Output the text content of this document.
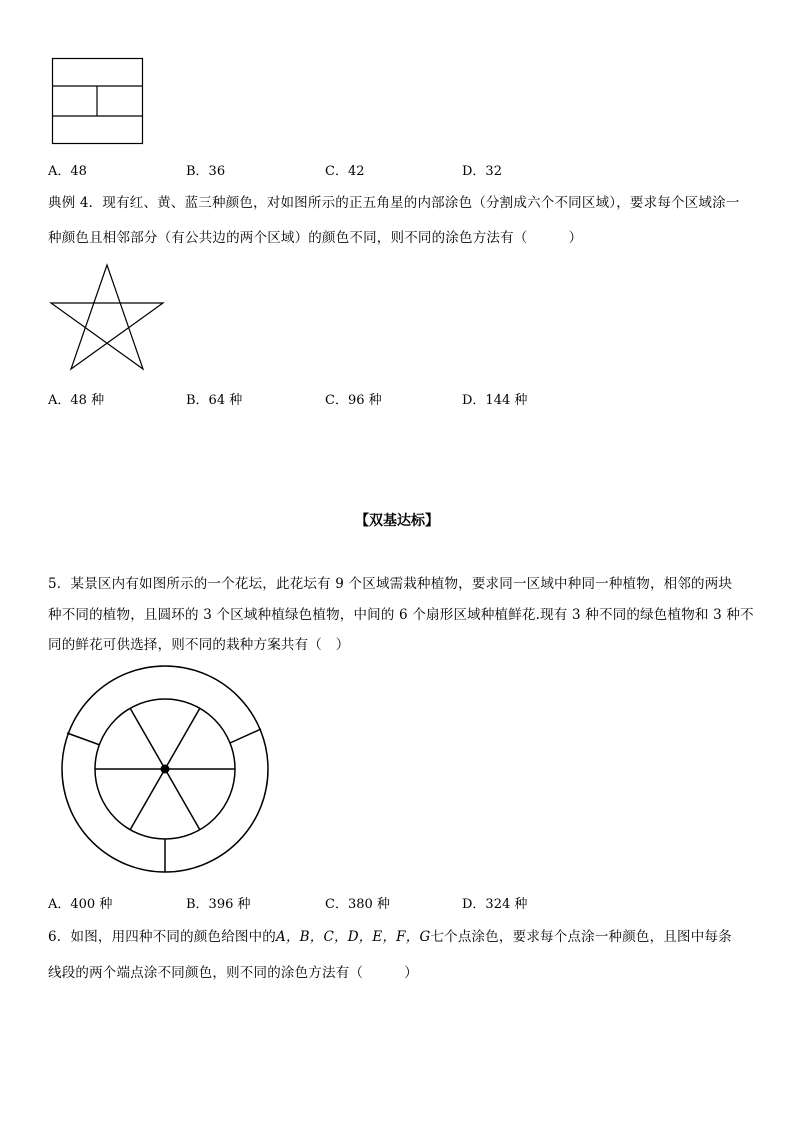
A．48	B．36	C．42	D．32
典例 4．现有红、黄、蓝三种颜色，对如图所示的正五角星的内部涂色（分割成六个不同区域），要求每个区域涂一
种颜色且相邻部分（有公共边的两个区域）的颜色不同，则不同的涂色方法有（　　　）
A．48 种	B．64 种	C．96 种	D．144 种
【双基达标】
5．某景区内有如图所示的一个花坛，此花坛有 9 个区域需栽种植物，要求同一区域中种同一种植物，相邻的两块
种不同的植物，且圆环的 3 个区域种植绿色植物，中间的 6 个扇形区域种植鲜花.现有 3 种不同的绿色植物和 3 种不
同的鲜花可供选择，则不同的栽种方案共有（　）
A．400 种	B．396 种	C．380 种	D．324 种
6．如图，用四种不同的颜色给图中的A，B，C，D，E，F，G七个点涂色，要求每个点涂一种颜色，且图中每条
线段的两个端点涂不同颜色，则不同的涂色方法有（　　　）
